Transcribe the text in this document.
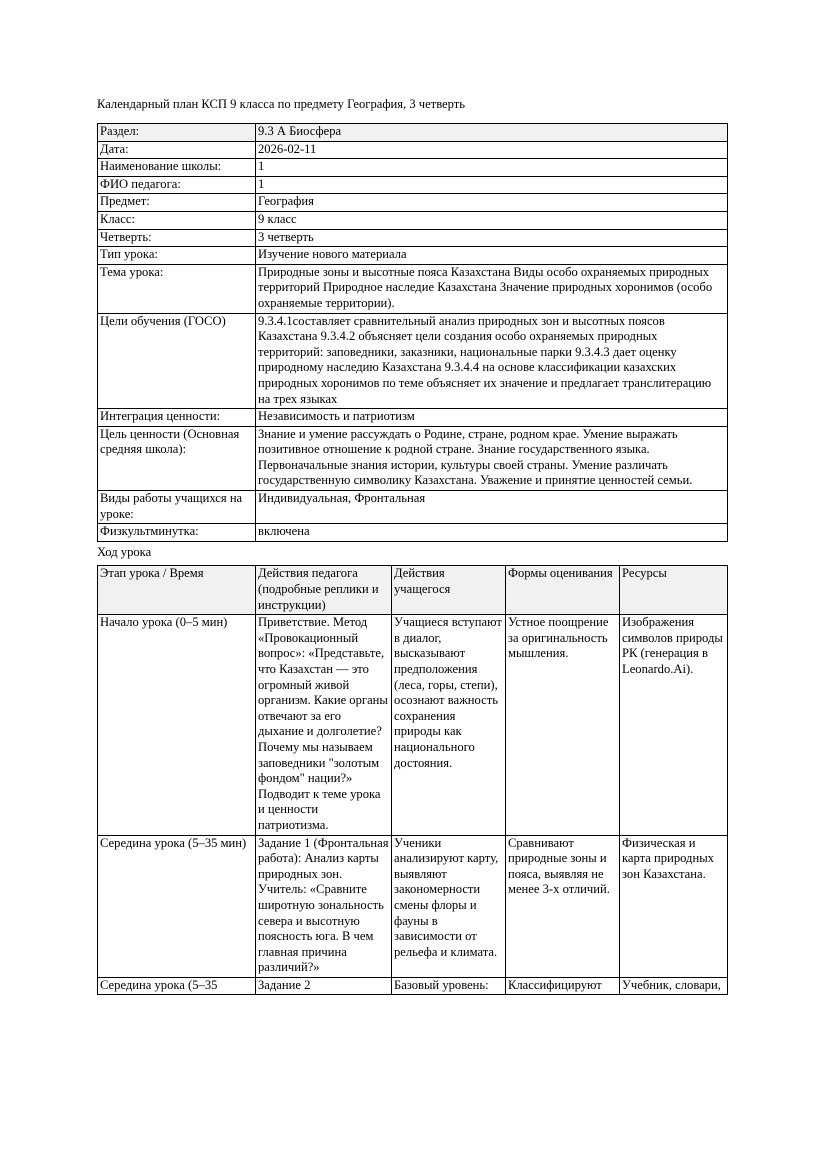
Календарный план КСП 9 класса по предмету География, 3 четверть
Раздел:	9.3 А Биосфера
Дата:	2026-02-11
Наименование школы:	1
ФИО педагога:	1
Предмет:	География
Класс:	9 класс
Четверть:	3 четверть
Тип урока:	Изучение нового материала
Тема урока:	Природные зоны и высотные пояса Казахстана Виды особо охраняемых природных территорий Природное наследие Казахстана Значение природных хоронимов (особо охраняемые территории).
Цели обучения (ГОСО)	9.3.4.1составляет сравнительный анализ природных зон и высотных поясов Казахстана 9.3.4.2 объясняет цели создания особо охраняемых природных территорий: заповедники, заказники, национальные парки 9.3.4.3 дает оценку природному наследию Казахстана 9.3.4.4 на основе классификации казахских природных хоронимов по теме объясняет их значение и предлагает транслитерацию на трех языках
Интеграция ценности:	Независимость и патриотизм
Цель ценности (Основная средняя школа):	Знание и умение рассуждать о Родине, стране, родном крае. Умение выражать позитивное отношение к родной стране. Знание государственного языка. Первоначальные знания истории, культуры своей страны. Умение различать государственную символику Казахстана. Уважение и принятие ценностей семьи.
Виды работы учащихся на уроке:	Индивидуальная, Фронтальная
Физкультминутка:	включена
Ход урока
Этап урока / Время	Действия педагога (подробные реплики и инструкции)	Действия учащегося	Формы оценивания	Ресурсы
Начало урока (0–5 мин)	Приветствие. Метод «Провокационный вопрос»: «Представьте, что Казахстан — это огромный живой организм. Какие органы отвечают за его дыхание и долголетие? Почему мы называем заповедники "золотым фондом" нации?» Подводит к теме урока и ценности патриотизма.	Учащиеся вступают в диалог, высказывают предположения (леса, горы, степи), осознают важность сохранения природы как национального достояния.	Устное поощрение за оригинальность мышления.	Изображения символов природы РК (генерация в Leonardo.Ai).
Середина урока (5–35 мин)	Задание 1 (Фронтальная работа): Анализ карты природных зон. Учитель: «Сравните широтную зональность севера и высотную поясность юга. В чем главная причина различий?»	Ученики анализируют карту, выявляют закономерности смены флоры и фауны в зависимости от рельефа и климата.	Сравнивают природные зоны и пояса, выявляя не менее 3-х отличий.	Физическая и карта природных зон Казахстана.
Середина урока (5–35	Задание 2	Базовый уровень:	Классифицируют	Учебник, словари,
